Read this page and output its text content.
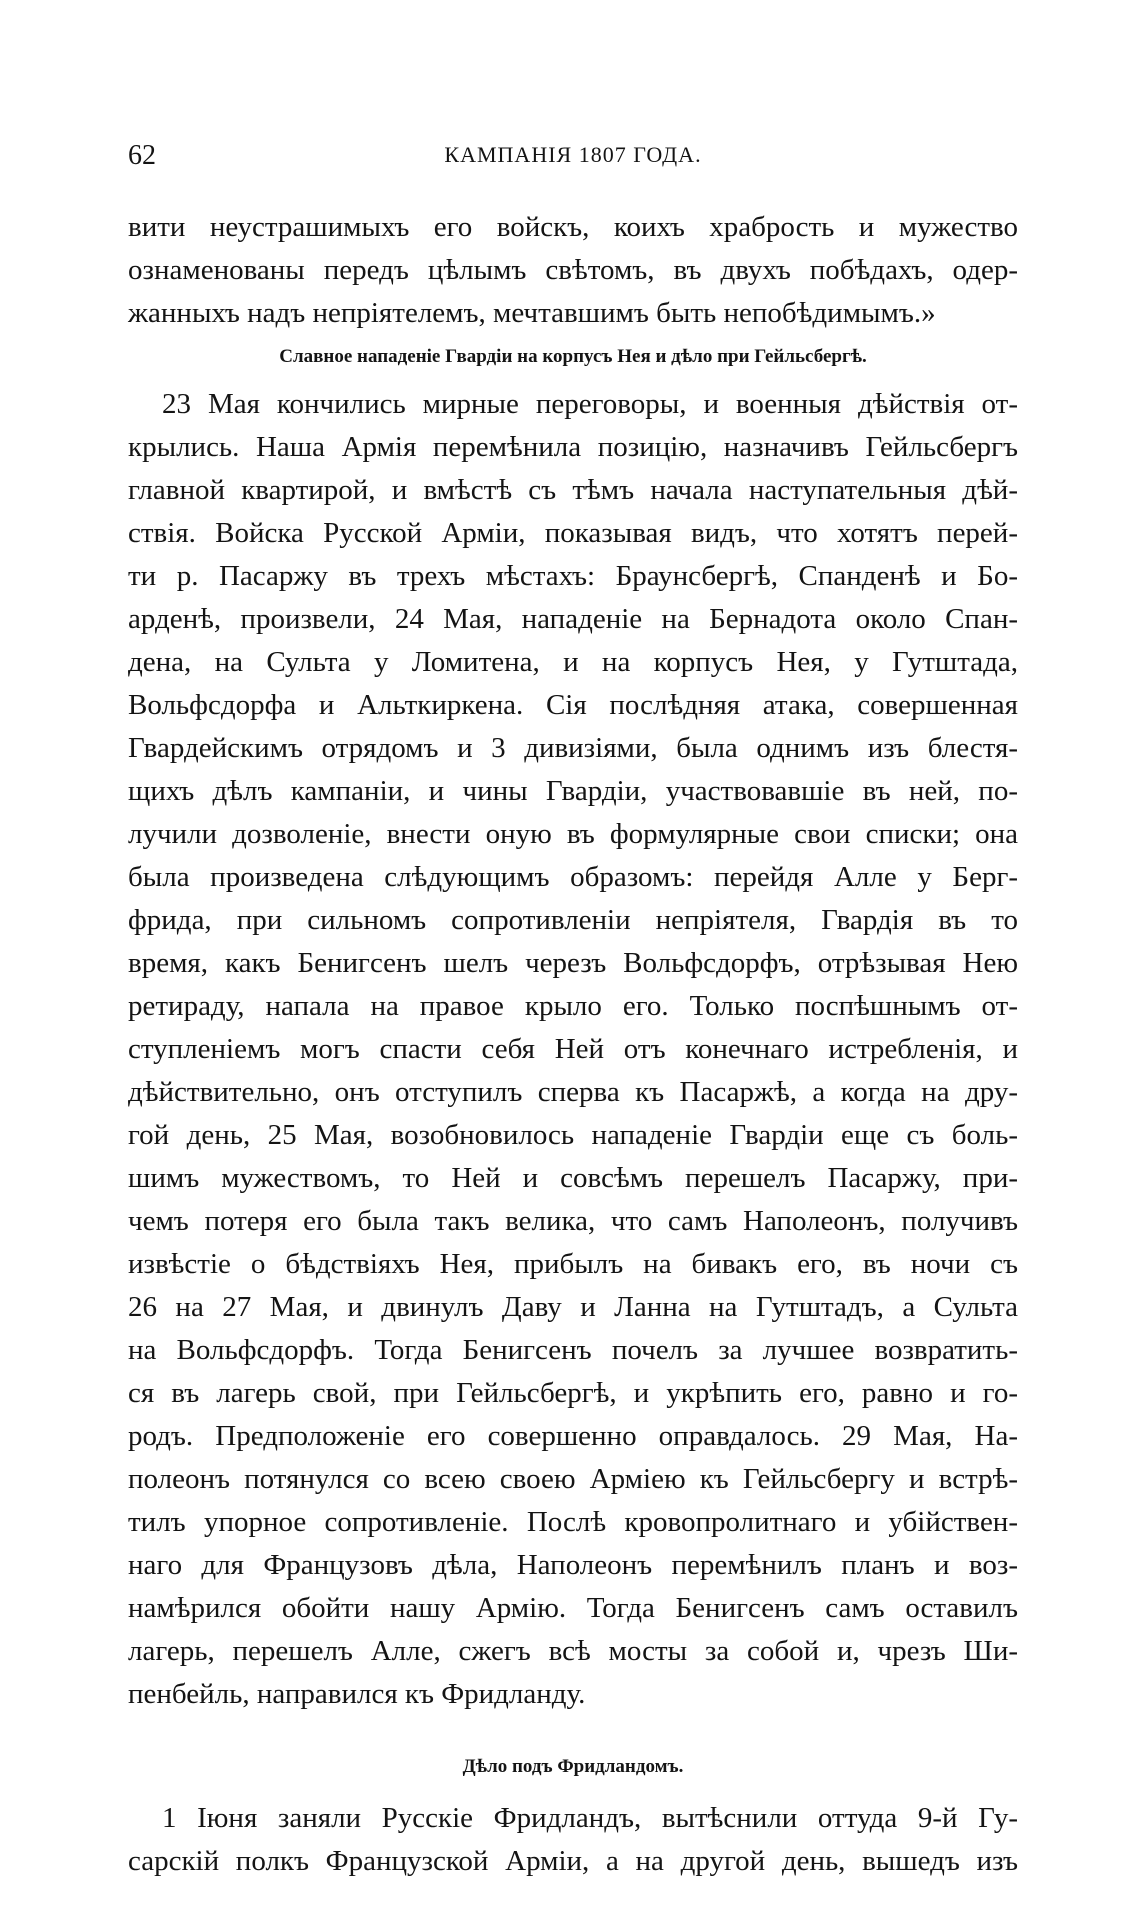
62	КАМПАНІЯ 1807 ГОДА.
вити неустрашимыхъ его войскъ, коихъ храбрость и мужество
ознаменованы передъ цѣлымъ свѣтомъ, въ двухъ побѣдахъ, одер-
жанныхъ надъ непріятелемъ, мечтавшимъ быть непобѣдимымъ.»
Славное нападеніе Гвардіи на корпусъ Нея и дѣло при Гейльсбергѣ.
23 Мая кончились мирные переговоры, и военныя дѣйствія от-
крылись. Наша Армія перемѣнила позицію, назначивъ Гейльсбергъ
главной квартирой, и вмѣстѣ съ тѣмъ начала наступательныя дѣй-
ствія. Войска Русской Арміи, показывая видъ, что хотятъ перей-
ти р. Пасаржу въ трехъ мѣстахъ: Браунсбергѣ, Спанденѣ и Бо-
арденѣ, произвели, 24 Мая, нападеніе на Бернадота около Спан-
дена, на Сульта у Ломитена, и на корпусъ Нея, у Гутштада,
Вольфсдорфа и Альткиркена. Сія послѣдняя атака, совершенная
Гвардейскимъ отрядомъ и 3 дивизіями, была однимъ изъ блестя-
щихъ дѣлъ кампаніи, и чины Гвардіи, участвовавшіе въ ней, по-
лучили дозволеніе, внести оную въ формулярные свои списки; она
была произведена слѣдующимъ образомъ: перейдя Алле у Берг-
фрида, при сильномъ сопротивленіи непріятеля, Гвардія въ то
время, какъ Бенигсенъ шелъ черезъ Вольфсдорфъ, отрѣзывая Нею
ретираду, напала на правое крыло его. Только поспѣшнымъ от-
ступленіемъ могъ спасти себя Ней отъ конечнаго истребленія, и
дѣйствительно, онъ отступилъ сперва къ Пасаржѣ, а когда на дру-
гой день, 25 Мая, возобновилось нападеніе Гвардіи еще съ боль-
шимъ мужествомъ, то Ней и совсѣмъ перешелъ Пасаржу, при-
чемъ потеря его была такъ велика, что самъ Наполеонъ, получивъ
извѣстіе о бѣдствіяхъ Нея, прибылъ на бивакъ его, въ ночи съ
26 на 27 Мая, и двинулъ Даву и Ланна на Гутштадъ, а Сульта
на Вольфсдорфъ. Тогда Бенигсенъ почелъ за лучшее возвратить-
ся въ лагерь свой, при Гейльсбергѣ, и укрѣпить его, равно и го-
родъ. Предположеніе его совершенно оправдалось. 29 Мая, На-
полеонъ потянулся со всею своею Арміею къ Гейльсбергу и встрѣ-
тилъ упорное сопротивленіе. Послѣ кровопролитнаго и убійствен-
наго для Французовъ дѣла, Наполеонъ перемѣнилъ планъ и воз-
намѣрился обойти нашу Армію. Тогда Бенигсенъ самъ оставилъ
лагерь, перешелъ Алле, сжегъ всѣ мосты за собой и, чрезъ Ши-
пенбейль, направился къ Фридланду.
Дѣло подъ Фридландомъ.
1 Іюня заняли Русскіе Фридландъ, вытѣснили оттуда 9-й Гу-
сарскій полкъ Французской Арміи, а на другой день, вышедъ изъ
